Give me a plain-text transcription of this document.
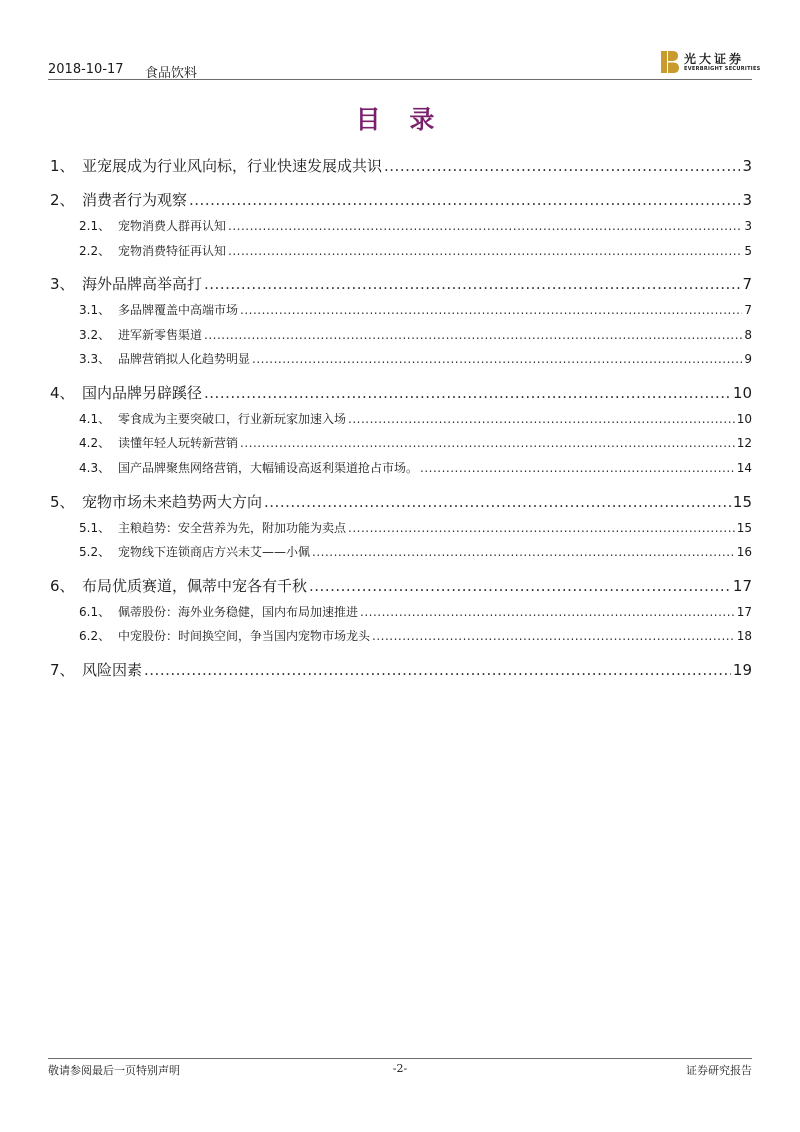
2018-10-17 食品饮料
光大证券
EVERBRIGHT SECURITIES
目 录
1、 亚宠展成为行业风向标，行业快速发展成共识 .....	3
2、 消费者行为观察 .....	3
2.1、 宠物消费人群再认知 .....	3
2.2、 宠物消费特征再认知 .....	5
3、 海外品牌高举高打 .....	7
3.1、 多品牌覆盖中高端市场 .....	7
3.2、 进军新零售渠道 .....	8
3.3、 品牌营销拟人化趋势明显 .....	9
4、 国内品牌另辟蹊径 .....	10
4.1、 零食成为主要突破口，行业新玩家加速入场 .....	10
4.2、 读懂年轻人玩转新营销 .....	12
4.3、 国产品牌聚焦网络营销，大幅铺设高返利渠道抢占市场。 .....	14
5、 宠物市场未来趋势两大方向 .....	15
5.1、 主粮趋势：安全营养为先，附加功能为卖点 .....	15
5.2、 宠物线下连锁商店方兴未艾——小佩 .....	16
6、 布局优质赛道，佩蒂中宠各有千秋 .....	17
6.1、 佩蒂股份：海外业务稳健，国内布局加速推进 .....	17
6.2、 中宠股份：时间换空间，争当国内宠物市场龙头 .....	18
7、 风险因素 .....	19
敬请参阅最后一页特别声明	-2-	证券研究报告
